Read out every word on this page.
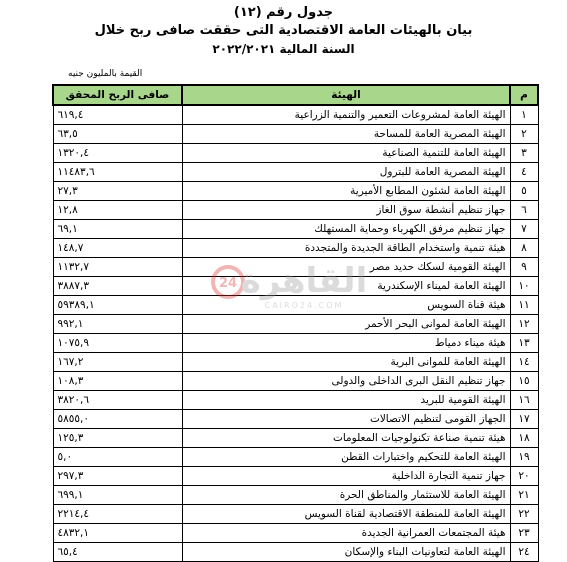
جدول رقم (١٢)
بيان بالهيئات العامة الاقتصادية التى حققت صافى ربح خلال
السنة المالية ٢٠٢٢/٢٠٢١
القيمة بالمليون جنيه
م	الهيئة	صافى الربح المحقق
١	الهيئة العامة لمشروعات التعمير والتنمية الزراعية	٦١٩,٤
٢	الهيئة المصرية العامة للمساحة	٦٣,٥
٣	الهيئة العامة للتنمية الصناعية	١٣٢٠,٤
٤	الهيئة المصرية العامة للبترول	١١٤٨٣,٦
٥	الهيئة العامة لشئون المطابع الأميرية	٢٧,٣
٦	جهاز تنظيم أنشطة سوق الغاز	١٢,٨
٧	جهاز تنظيم مرفق الكهرباء وحماية المستهلك	٦٩,١
٨	هيئة تنمية واستخدام الطاقة الجديدة والمتجددة	١٤٨,٧
٩	الهيئة القومية لسكك حديد مصر	١١٣٢,٧
١٠	الهيئة العامة لميناء الإسكندرية	٣٨٨٧,٣
١١	هيئة قناة السويس	٥٩٣٨٩,١
١٢	الهيئة العامة لموانى البحر الأحمر	٩٩٢,١
١٣	هيئة ميناء دمياط	١٠٧٥,٩
١٤	الهيئة العامة للموانى البرية	١٦٧,٢
١٥	جهاز تنظيم النقل البرى الداخلى والدولى	١٠٨,٣
١٦	الهيئة القومية للبريد	٣٨٢٠,٦
١٧	الجهاز القومى لتنظيم الاتصالات	٥٨٥٥,٠
١٨	هيئة تنمية صناعة تكنولوجيات المعلومات	١٢٥,٣
١٩	الهيئة العامة للتحكيم واختبارات القطن	٥,٠
٢٠	جهاز تنمية التجارة الداخلية	٢٩٧,٣
٢١	الهيئة العامة للاستثمار والمناطق الحرة	٦٩٩,١
٢٢	الهيئة العامة للمنطقة الاقتصادية لقناة السويس	٢٢١٤,٤
٢٣	هيئة المجتمعات العمرانية الجديدة	٤٨٣٢,١
٢٤	الهيئة العامة لتعاونيات البناء والإسكان	٦٥,٤
24 القاهرة
CAIRO24.COM
